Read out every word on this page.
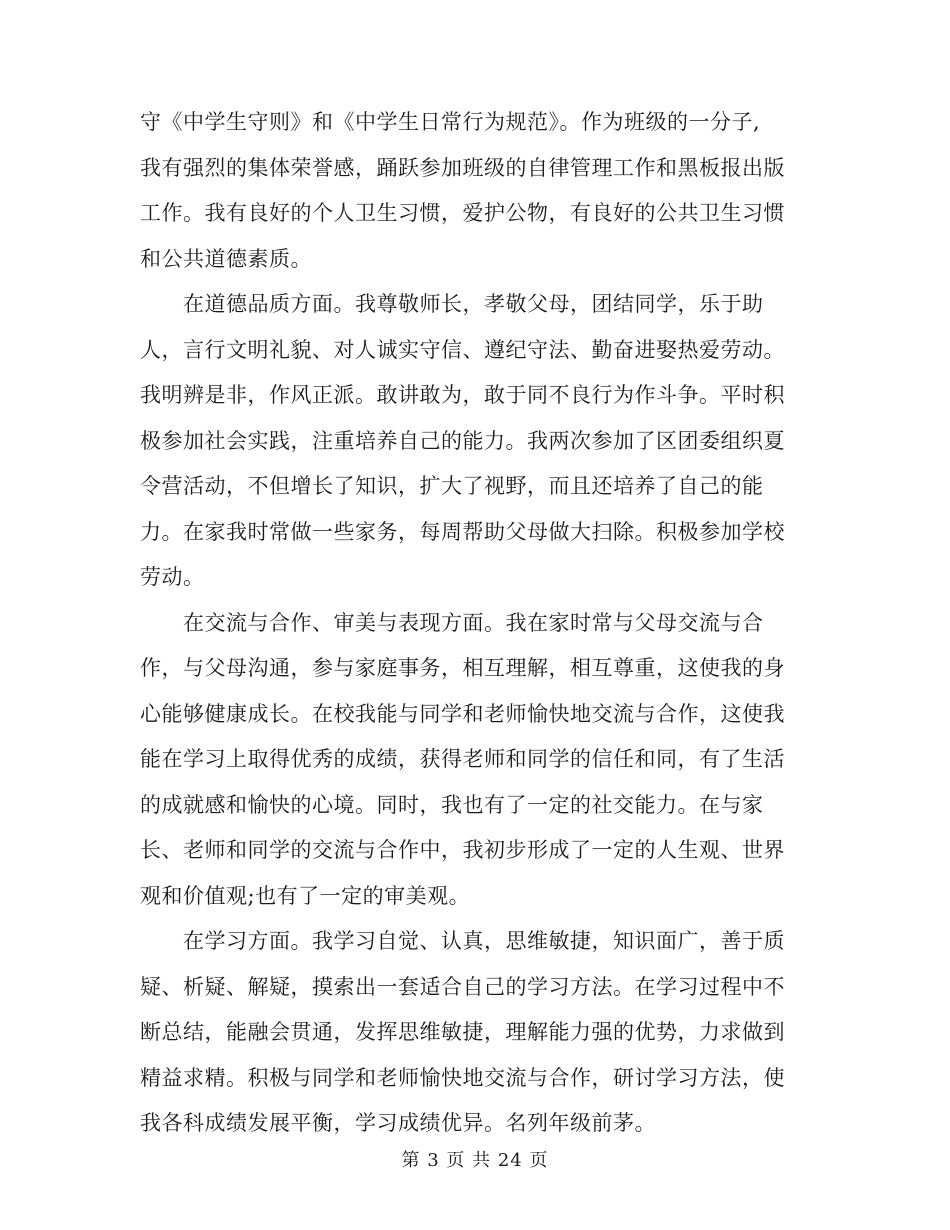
守《中学生守则》和《中学生日常行为规范》。作为班级的一分子,
我有强烈的集体荣誉感，踊跃参加班级的自律管理工作和黑板报出版
工作。我有良好的个人卫生习惯，爱护公物，有良好的公共卫生习惯
和公共道德素质。
　　在道德品质方面。我尊敬师长，孝敬父母，团结同学，乐于助
人，言行文明礼貌、对人诚实守信、遵纪守法、勤奋进娶热爱劳动。
我明辨是非，作风正派。敢讲敢为，敢于同不良行为作斗争。平时积
极参加社会实践，注重培养自己的能力。我两次参加了区团委组织夏
令营活动，不但增长了知识，扩大了视野，而且还培养了自己的能
力。在家我时常做一些家务，每周帮助父母做大扫除。积极参加学校
劳动。
　　在交流与合作、审美与表现方面。我在家时常与父母交流与合
作，与父母沟通，参与家庭事务，相互理解，相互尊重，这使我的身
心能够健康成长。在校我能与同学和老师愉快地交流与合作，这使我
能在学习上取得优秀的成绩，获得老师和同学的信任和同，有了生活
的成就感和愉快的心境。同时，我也有了一定的社交能力。在与家
长、老师和同学的交流与合作中，我初步形成了一定的人生观、世界
观和价值观;也有了一定的审美观。
　　在学习方面。我学习自觉、认真，思维敏捷，知识面广，善于质
疑、析疑、解疑，摸索出一套适合自己的学习方法。在学习过程中不
断总结，能融会贯通，发挥思维敏捷，理解能力强的优势，力求做到
精益求精。积极与同学和老师愉快地交流与合作，研讨学习方法，使
我各科成绩发展平衡，学习成绩优异。名列年级前茅。
第 3 页 共 24 页
